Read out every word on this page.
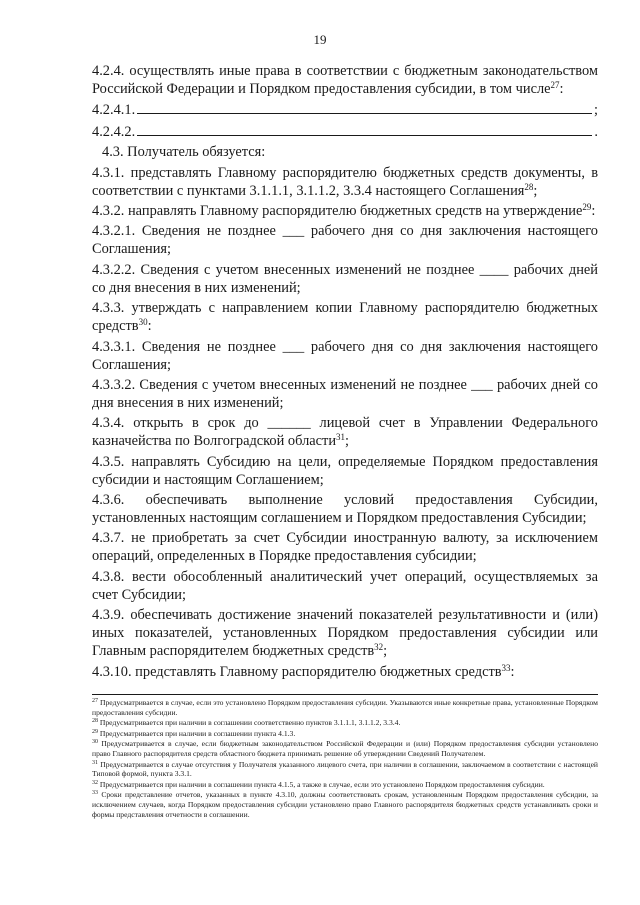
19
4.2.4. осуществлять иные права в соответствии с бюджетным законодательством Российской Федерации и Порядком предоставления субсидии, в том числе$^{27}$:
4.2.4.1.	;
4.2.4.2.	.
4.3. Получатель обязуется:
4.3.1. представлять Главному распорядителю бюджетных средств документы, в соответствии с пунктами 3.1.1.1, 3.1.1.2, 3.3.4 настоящего Соглашения$^{28}$;
4.3.2. направлять Главному распорядителю бюджетных средств на утверждение$^{29}$:
4.3.2.1. Сведения не позднее ___ рабочего дня со дня заключения настоящего Соглашения;
4.3.2.2. Сведения с учетом внесенных изменений не позднее ____ рабочих дней со дня внесения в них изменений;
4.3.3. утверждать с направлением копии Главному распорядителю бюджетных средств$^{30}$:
4.3.3.1. Сведения не позднее ___ рабочего дня со дня заключения настоящего Соглашения;
4.3.3.2. Сведения с учетом внесенных изменений не позднее ___ рабочих дней со дня внесения в них изменений;
4.3.4. открыть в срок до ______ лицевой счет в Управлении Федерального казначейства по Волгоградской области$^{31}$;
4.3.5. направлять Субсидию на цели, определяемые Порядком предоставления субсидии и настоящим Соглашением;
4.3.6. обеспечивать выполнение условий предоставления Субсидии, установленных настоящим соглашением и Порядком предоставления Субсидии;
4.3.7. не приобретать за счет Субсидии иностранную валюту, за исключением операций, определенных в Порядке предоставления субсидии;
4.3.8. вести обособленный аналитический учет операций, осуществляемых за счет Субсидии;
4.3.9. обеспечивать достижение значений показателей результативности и (или) иных показателей, установленных Порядком предоставления субсидии или Главным распорядителем бюджетных средств$^{32}$;
4.3.10. представлять Главному распорядителю бюджетных средств$^{33}$:
$^{27}$ Предусматривается в случае, если это установлено Порядком предоставления субсидии. Указываются иные конкретные права, установленные Порядком предоставления субсидии.
$^{28}$ Предусматривается при наличии в соглашении соответственно пунктов 3.1.1.1, 3.1.1.2, 3.3.4.
$^{29}$ Предусматривается при наличии в соглашении пункта 4.1.3.
$^{30}$ Предусматривается в случае, если бюджетным законодательством Российской Федерации и (или) Порядком предоставления субсидии установлено право Главного распорядителя средств областного бюджета принимать решение об утверждении Сведений Получателем.
$^{31}$ Предусматривается в случае отсутствия у Получателя указанного лицевого счета, при наличии в соглашении, заключаемом в соответствии с настоящей Типовой формой, пункта 3.3.1.
$^{32}$ Предусматривается при наличии в соглашении пункта 4.1.5, а также в случае, если это установлено Порядком предоставления субсидии.
$^{33}$ Сроки представление отчетов, указанных в пункте 4.3.10, должны соответствовать срокам, установленным Порядком предоставления субсидии, за исключением случаев, когда Порядком предоставления субсидии установлено право Главного распорядителя бюджетных средств устанавливать сроки и формы представления отчетности в соглашении.
